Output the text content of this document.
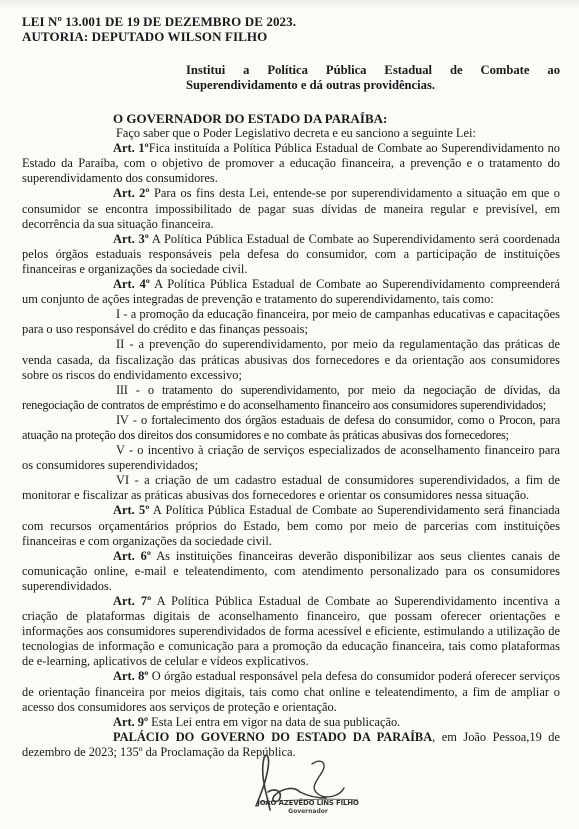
LEI Nº 13.001 DE 19 DE DEZEMBRO DE 2023.
AUTORIA: DEPUTADO WILSON FILHO
Institui a Política Pública Estadual de Combate ao Superendividamento e dá outras providências.
O GOVERNADOR DO ESTADO DA PARAÍBA:

Faço saber que o Poder Legislativo decreta e eu sanciono a seguinte Lei:

Art. 1ºFica instituída a Política Pública Estadual de Combate ao Superendividamento no Estado da Paraíba, com o objetivo de promover a educação financeira, a prevenção e o tratamento do superendividamento dos consumidores.

Art. 2º Para os fins desta Lei, entende-se por superendividamento a situação em que o consumidor se encontra impossibilitado de pagar suas dívidas de maneira regular e previsível, em decorrência da sua situação financeira.

Art. 3º A Política Pública Estadual de Combate ao Superendividamento será coordenada pelos órgãos estaduais responsáveis pela defesa do consumidor, com a participação de instituições financeiras e organizações da sociedade civil.

Art. 4º A Política Pública Estadual de Combate ao Superendividamento compreenderá um conjunto de ações integradas de prevenção e tratamento do superendividamento, tais como:

I - a promoção da educação financeira, por meio de campanhas educativas e capacitações para o uso responsável do crédito e das finanças pessoais;

II - a prevenção do superendividamento, por meio da regulamentação das práticas de venda casada, da fiscalização das práticas abusivas dos fornecedores e da orientação aos consumidores sobre os riscos do endividamento excessivo;

III - o tratamento do superendividamento, por meio da negociação de dívidas, da renegociação de contratos de empréstimo e do aconselhamento financeiro aos consumidores superendividados;

IV - o fortalecimento dos órgãos estaduais de defesa do consumidor, como o Procon, para atuação na proteção dos direitos dos consumidores e no combate às práticas abusivas dos fornecedores;

V - o incentivo à criação de serviços especializados de aconselhamento financeiro para os consumidores superendividados;

VI - a criação de um cadastro estadual de consumidores superendividados, a fim de monitorar e fiscalizar as práticas abusivas dos fornecedores e orientar os consumidores nessa situação.

Art. 5º A Política Pública Estadual de Combate ao Superendividamento será financiada com recursos orçamentários próprios do Estado, bem como por meio de parcerias com instituições financeiras e com organizações da sociedade civil.

Art. 6º As instituições financeiras deverão disponibilizar aos seus clientes canais de comunicação online, e-mail e teleatendimento, com atendimento personalizado para os consumidores superendividados.

Art. 7º A Política Pública Estadual de Combate ao Superendividamento incentiva a criação de plataformas digitais de aconselhamento financeiro, que possam oferecer orientações e informações aos consumidores superendividados de forma acessível e eficiente, estimulando a utilização de tecnologias de informação e comunicação para a promoção da educação financeira, tais como plataformas de e-learning, aplicativos de celular e vídeos explicativos.

Art. 8º O órgão estadual responsável pela defesa do consumidor poderá oferecer serviços de orientação financeira por meios digitais, tais como chat online e teleatendimento, a fim de ampliar o acesso dos consumidores aos serviços de proteção e orientação.

Art. 9º Esta Lei entra em vigor na data de sua publicação.

PALÁCIO DO GOVERNO DO ESTADO DA PARAÍBA, em João Pessoa,19 de dezembro de 2023; 135º da Proclamação da República.

JOÃO AZEVÊDO LINS FILHO
Governador
